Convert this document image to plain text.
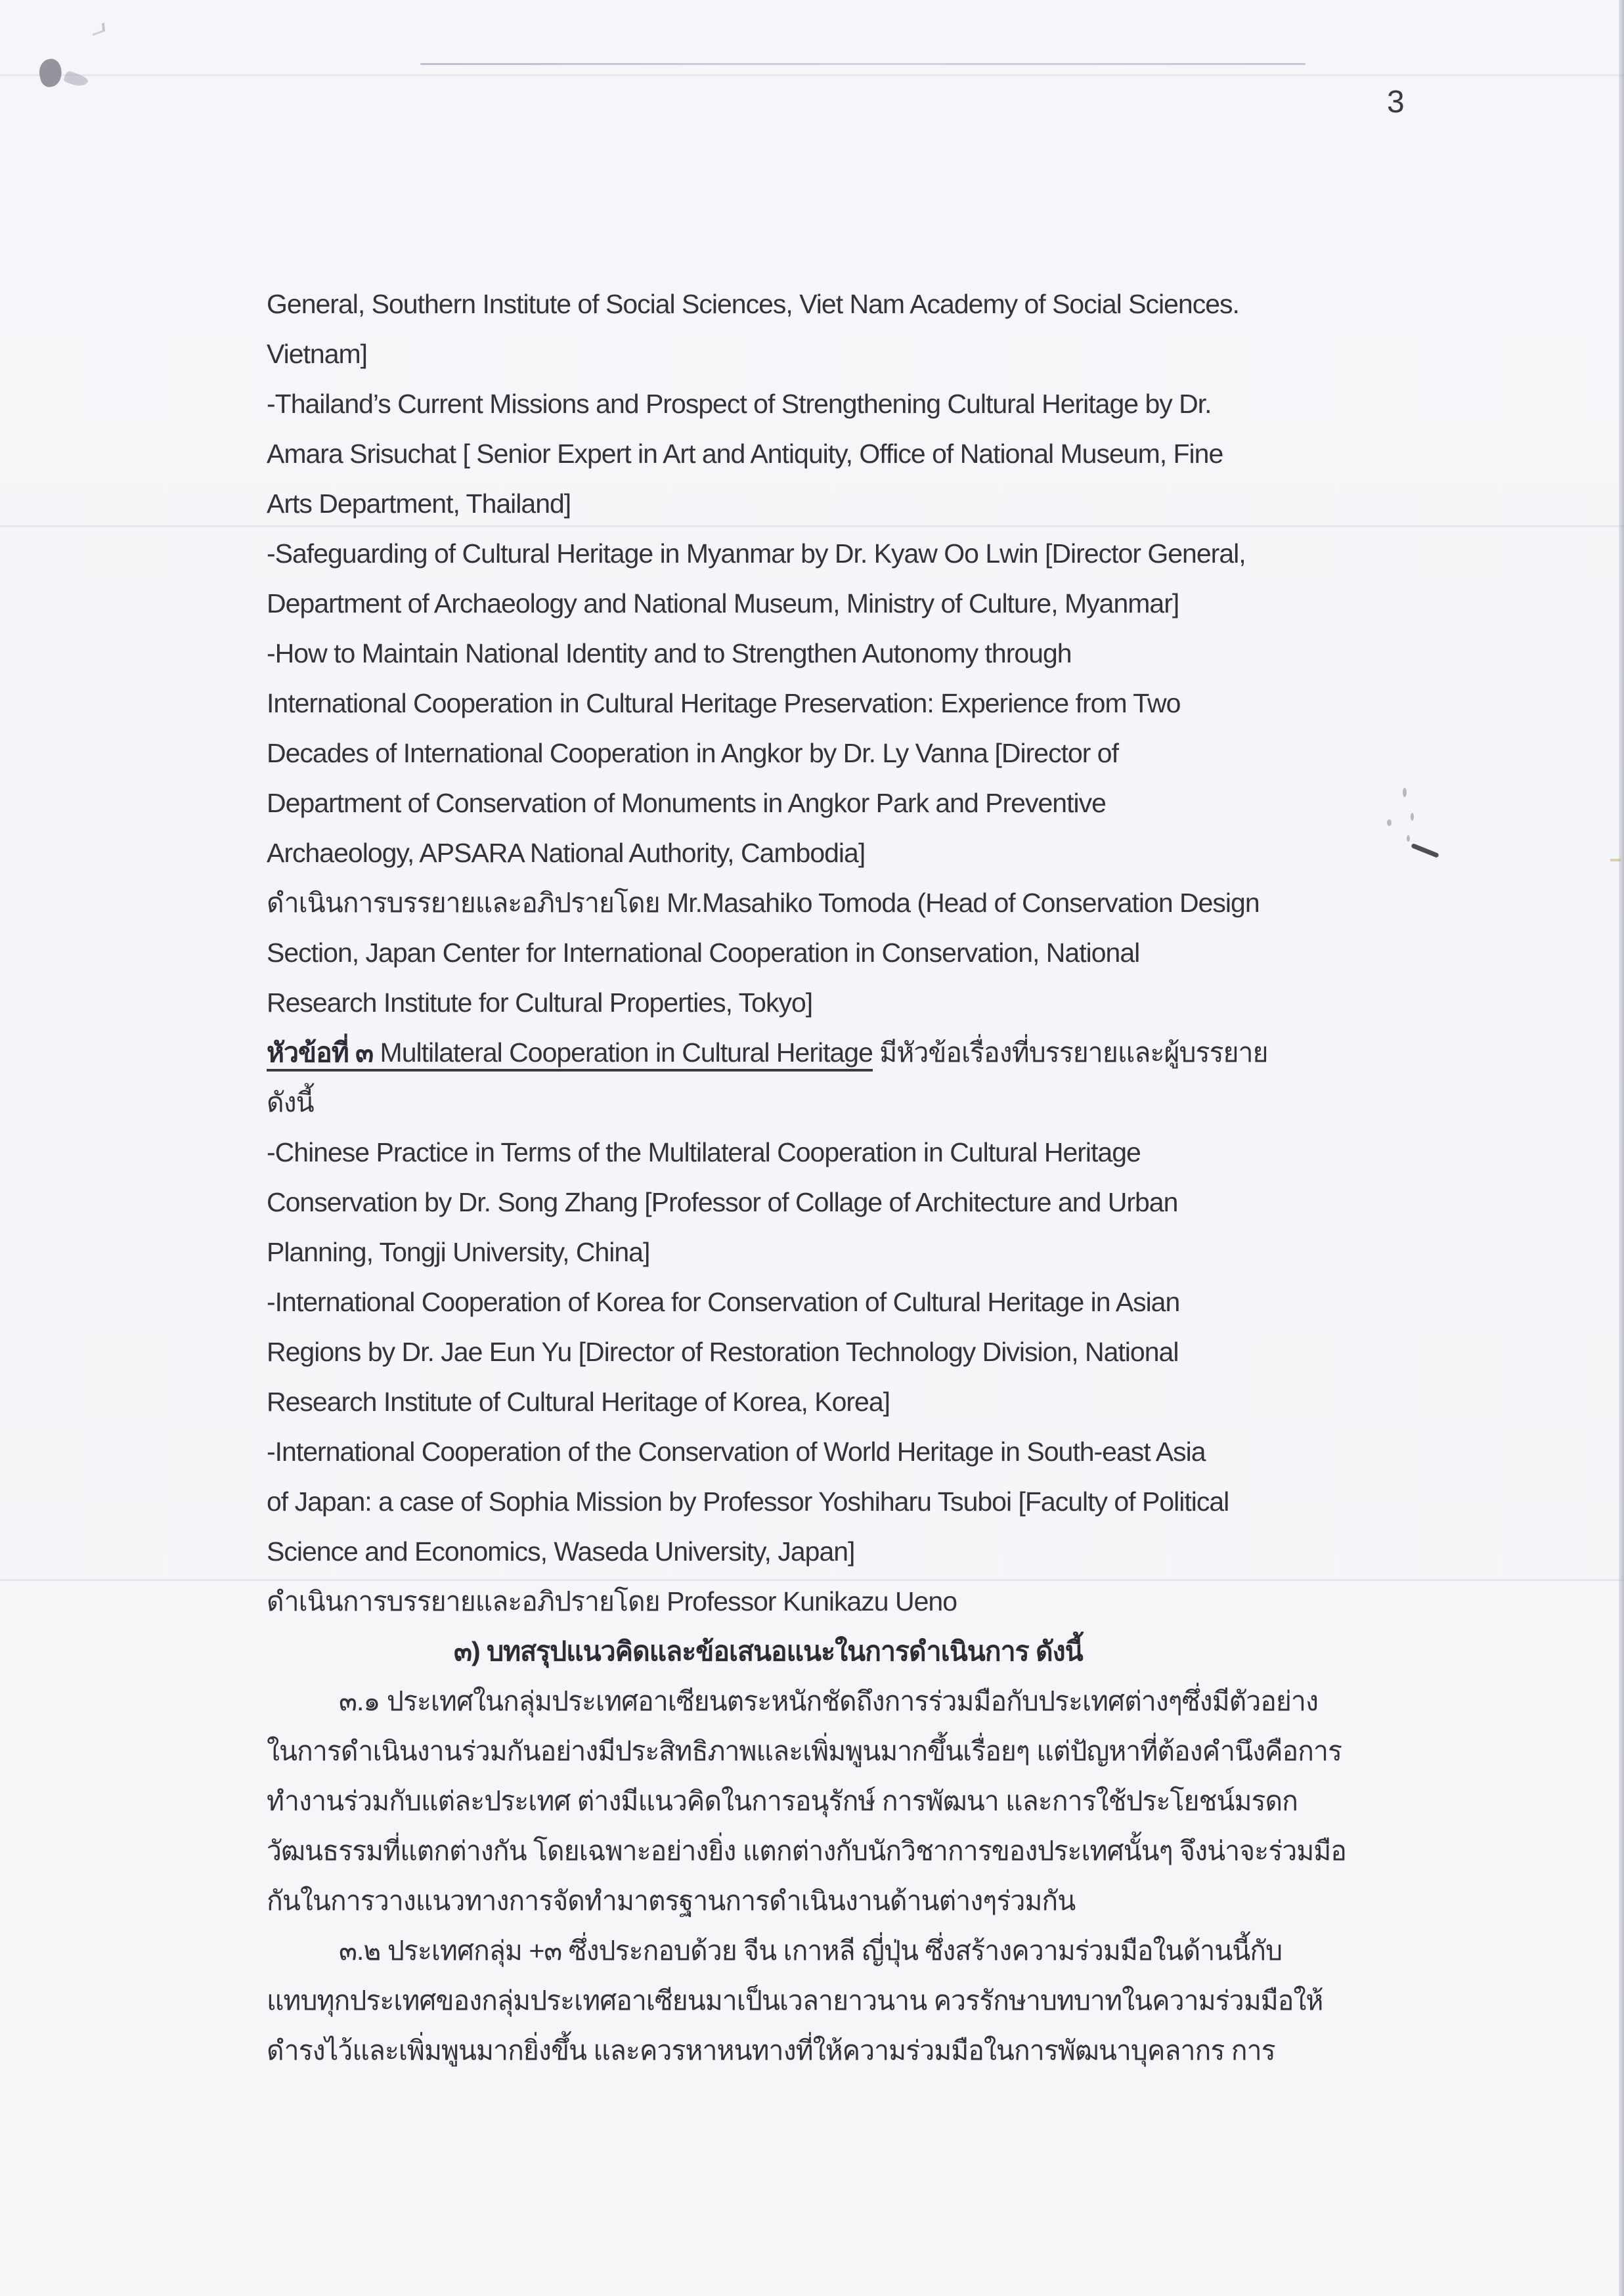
3
General, Southern Institute of Social Sciences, Viet Nam Academy of Social Sciences.
Vietnam]
-Thailand’s Current Missions and Prospect of Strengthening Cultural Heritage by Dr.
Amara Srisuchat [ Senior Expert in Art and Antiquity, Office of National Museum, Fine
Arts Department, Thailand]
-Safeguarding of Cultural Heritage in Myanmar by Dr. Kyaw Oo Lwin [Director General,
Department of Archaeology and National Museum, Ministry of Culture, Myanmar]
-How to Maintain National Identity and to Strengthen Autonomy through
International Cooperation in Cultural Heritage Preservation: Experience from Two
Decades of International Cooperation in Angkor by Dr. Ly Vanna [Director of
Department of Conservation of Monuments in Angkor Park and Preventive
Archaeology, APSARA National Authority, Cambodia]
ดำเนินการบรรยายและอภิปรายโดย Mr.Masahiko Tomoda (Head of Conservation Design
Section, Japan Center for International Cooperation in Conservation, National
Research Institute for Cultural Properties, Tokyo]
หัวข้อที่ ๓ Multilateral Cooperation in Cultural Heritage มีหัวข้อเรื่องที่บรรยายและผู้บรรยาย
ดังนี้
-Chinese Practice in Terms of the Multilateral Cooperation in Cultural Heritage
Conservation by Dr. Song Zhang [Professor of Collage of Architecture and Urban
Planning, Tongji University, China]
-International Cooperation of Korea for Conservation of Cultural Heritage in Asian
Regions by Dr. Jae Eun Yu [Director of Restoration Technology Division, National
Research Institute of Cultural Heritage of Korea, Korea]
-International Cooperation of the Conservation of World Heritage in South-east Asia
of Japan: a case of Sophia Mission by Professor Yoshiharu Tsuboi [Faculty of Political
Science and Economics, Waseda University, Japan]
ดำเนินการบรรยายและอภิปรายโดย Professor Kunikazu Ueno
๓) บทสรุปแนวคิดและข้อเสนอแนะในการดำเนินการ ดังนี้
๓.๑ ประเทศในกลุ่มประเทศอาเซียนตระหนักชัดถึงการร่วมมือกับประเทศต่างๆซึ่งมีตัวอย่าง
ในการดำเนินงานร่วมกันอย่างมีประสิทธิภาพและเพิ่มพูนมากขึ้นเรื่อยๆ แต่ปัญหาที่ต้องคำนึงคือการ
ทำงานร่วมกับแต่ละประเทศ ต่างมีแนวคิดในการอนุรักษ์ การพัฒนา และการใช้ประโยชน์มรดก
วัฒนธรรมที่แตกต่างกัน โดยเฉพาะอย่างยิ่ง แตกต่างกับนักวิชาการของประเทศนั้นๆ จึงน่าจะร่วมมือ
กันในการวางแนวทางการจัดทำมาตรฐานการดำเนินงานด้านต่างๆร่วมกัน
๓.๒ ประเทศกลุ่ม +๓ ซึ่งประกอบด้วย จีน เกาหลี ญี่ปุ่น ซึ่งสร้างความร่วมมือในด้านนี้กับ
แทบทุกประเทศของกลุ่มประเทศอาเซียนมาเป็นเวลายาวนาน ควรรักษาบทบาทในความร่วมมือให้
ดำรงไว้และเพิ่มพูนมากยิ่งขึ้น และควรหาหนทางที่ให้ความร่วมมือในการพัฒนาบุคลากร การ
